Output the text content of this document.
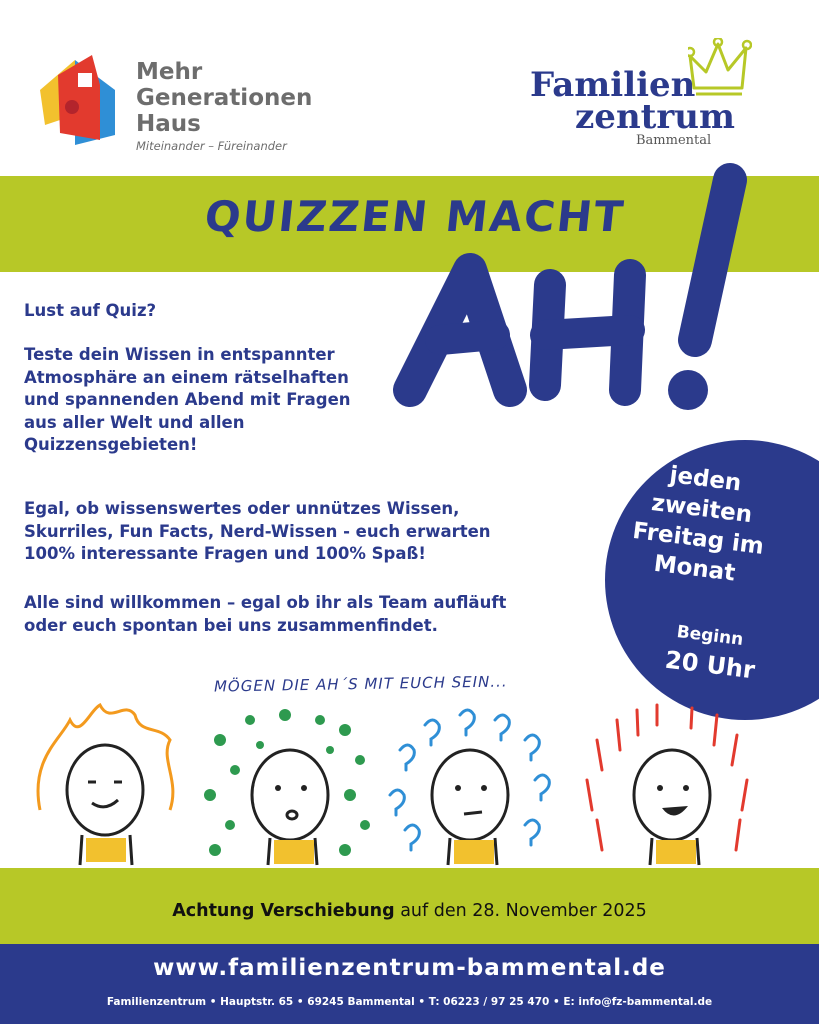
Mehr
Generationen
Haus
Miteinander – Füreinander
Familien
zentrum
Bammental
QUIZZEN MACHT
Lust auf Quiz?
Teste dein Wissen in entspannter Atmosphäre an einem rätselhaften und spannenden Abend mit Fragen aus aller Welt und allen Quizzensgebieten!
Egal, ob wissenswertes oder unnützes Wissen, Skurriles, Fun Facts, Nerd-Wissen - euch erwarten 100% interessante Fragen und 100% Spaß!
Alle sind willkommen – egal ob ihr als Team aufläuft oder euch spontan bei uns zusammenfindet.
jeden zweiten Freitag im Monat
Beginn
20 Uhr
MÖGEN DIE AH´S MIT EUCH SEIN...
Achtung Verschiebung auf den 28. November 2025
www.familienzentrum-bammental.de
Familienzentrum • Hauptstr. 65 • 69245 Bammental • T: 06223 / 97 25 470 • E: info@fz-bammental.de
